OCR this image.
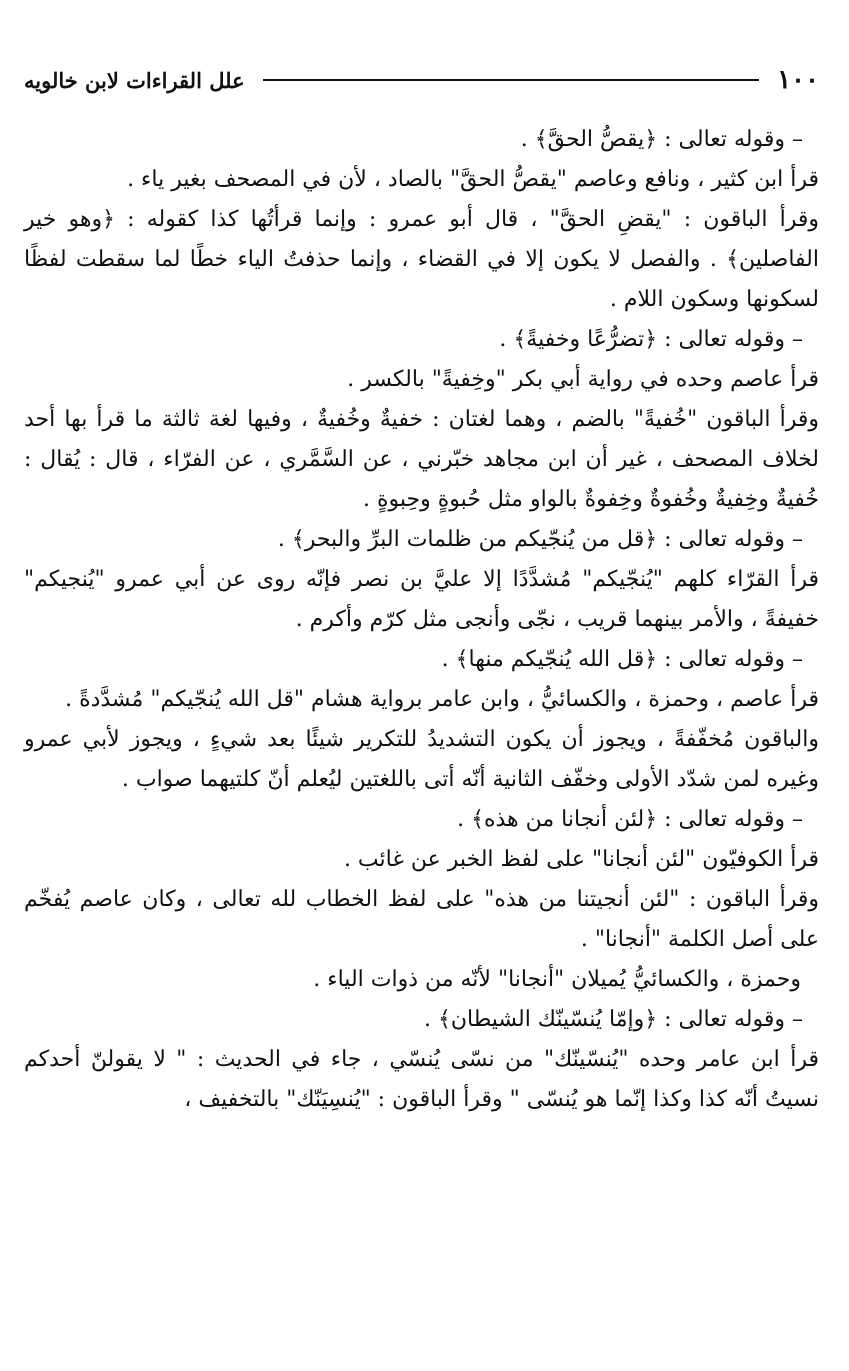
١٠٠
علل القراءات لابن خالويه

– وقوله تعالى : ﴿يقصُّ الحقَّ﴾ .

قرأ ابن كثير ، ونافع وعاصم "يقصُّ الحقَّ" بالصاد ، لأن في المصحف بغير ياء .

وقرأ الباقون : "يقضِ الحقَّ" ، قال أبو عمرو : وإنما قرأتُها كذا كقوله : ﴿وهو خير الفاصلين﴾ . والفصل لا يكون إلا في القضاء ، وإنما حذفتُ الياء خطًا لما سقطت لفظًا لسكونها وسكون اللام .

– وقوله تعالى : ﴿تضرُّعًا وخفيةً﴾ .

قرأ عاصم وحده في رواية أبي بكر "وخِفيةً" بالكسر .

وقرأ الباقون "خُفيةً" بالضم ، وهما لغتان : خفيةٌ وخُفيةٌ ، وفيها لغة ثالثة ما قرأ بها أحد لخلاف المصحف ، غير أن ابن مجاهد خبّرني ، عن السَّمَّري ، عن الفرّاء ، قال : يُقال : خُفيةٌ وخِفيةٌ وخُفوةٌ وخِفوةٌ بالواو مثل حُبوةٍ وحِبوةٍ .

– وقوله تعالى : ﴿قل من يُنجّيكم من ظلمات البرِّ والبحر﴾ .

قرأ القرّاء كلهم "يُنجّيكم" مُشدَّدًا إلا عليَّ بن نصر فإنّه روى عن أبي عمرو "يُنجيكم" خفيفةً ، والأمر بينهما قريب ، نجّى وأنجى مثل كرّم وأكرم .

– وقوله تعالى : ﴿قل الله يُنجّيكم منها﴾ .

قرأ عاصم ، وحمزة ، والكسائيُّ ، وابن عامر برواية هشام "قل الله يُنجّيكم" مُشدَّدةً .

والباقون مُخفّفةً ، ويجوز أن يكون التشديدُ للتكرير شيئًا بعد شيءٍ ، ويجوز لأبي عمرو وغيره لمن شدّد الأولى وخفّف الثانية أنّه أتى باللغتين ليُعلم أنّ كلتيهما صواب .

– وقوله تعالى : ﴿لئن أنجانا من هذه﴾ .

قرأ الكوفيّون "لئن أنجانا" على لفظ الخبر عن غائب .

وقرأ الباقون : "لئن أنجيتنا من هذه" على لفظ الخطاب لله تعالى ، وكان عاصم يُفخّم على أصل الكلمة "أنجانا" .

وحمزة ، والكسائيُّ يُميلان "أنجانا" لأنّه من ذوات الياء .

– وقوله تعالى : ﴿وإمّا يُنسّينّك الشيطان﴾ .

قرأ ابن عامر وحده "يُنسّينّك" من نسّى يُنسّي ، جاء في الحديث : " لا يقولنّ أحدكم نسيتُ أنّه كذا وكذا إنّما هو يُنسّى " وقرأ الباقون : "يُنسِيَنّك" بالتخفيف ،
